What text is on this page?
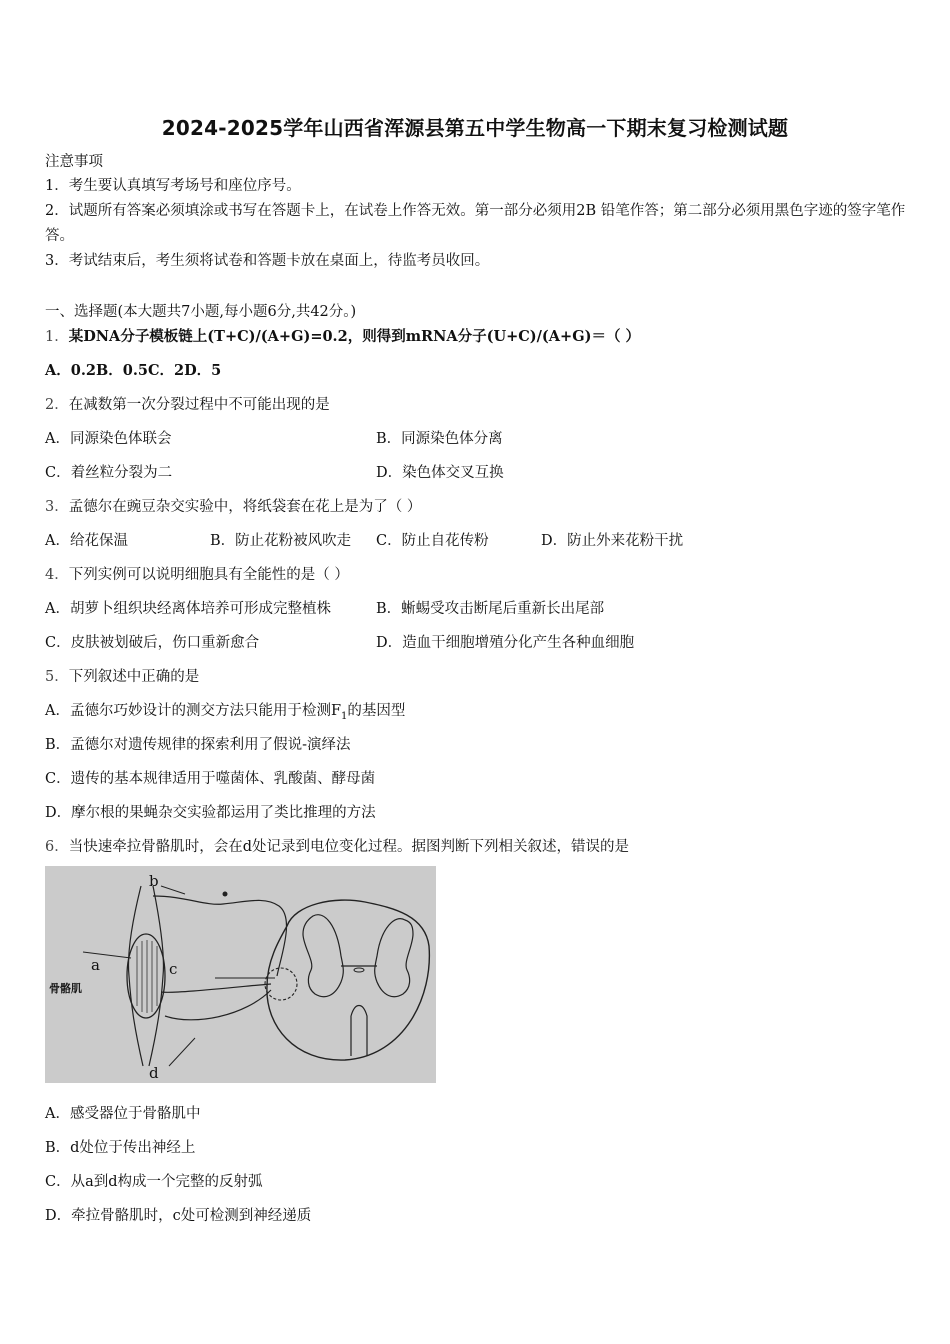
2024-2025学年山西省浑源县第五中学生物高一下期末复习检测试题
注意事项
1．考生要认真填写考场号和座位序号。
2．试题所有答案必须填涂或书写在答题卡上，在试卷上作答无效。第一部分必须用2B 铅笔作答；第二部分必须用黑色字迹的签字笔作答。
3．考试结束后，考生须将试卷和答题卡放在桌面上，待监考员收回。
一、选择题(本大题共7小题,每小题6分,共42分。)
1．某DNA分子模板链上(T+C)/(A+G)=0.2，则得到mRNA分子(U+C)/(A+G)＝（ ）
A．0.2B．0.5C．2D．5
2．在减数第一次分裂过程中不可能出现的是
A．同源染色体联会	B．同源染色体分离
C．着丝粒分裂为二	D．染色体交叉互换
3．孟德尔在豌豆杂交实验中，将纸袋套在花上是为了（ ）
A．给花保温	B．防止花粉被风吹走 C．防止自花传粉	D．防止外来花粉干扰
4．下列实例可以说明细胞具有全能性的是（ ）
A．胡萝卜组织块经离体培养可形成完整植株	B．蜥蜴受攻击断尾后重新长出尾部
C．皮肤被划破后，伤口重新愈合	D．造血干细胞增殖分化产生各种血细胞
5．下列叙述中正确的是
A．孟德尔巧妙设计的测交方法只能用于检测$F_1$的基因型
B．孟德尔对遗传规律的探索利用了假说-演绎法
C．遗传的基本规律适用于噬菌体、乳酸菌、酵母菌
D．摩尔根的果蝇杂交实验都运用了类比推理的方法
6．当快速牵拉骨骼肌时，会在d处记录到电位变化过程。据图判断下列相关叙述，错误的是
b
a
骨骼肌
c
d
A．感受器位于骨骼肌中
B．d处位于传出神经上
C．从a到d构成一个完整的反射弧
D．牵拉骨骼肌时，c处可检测到神经递质
